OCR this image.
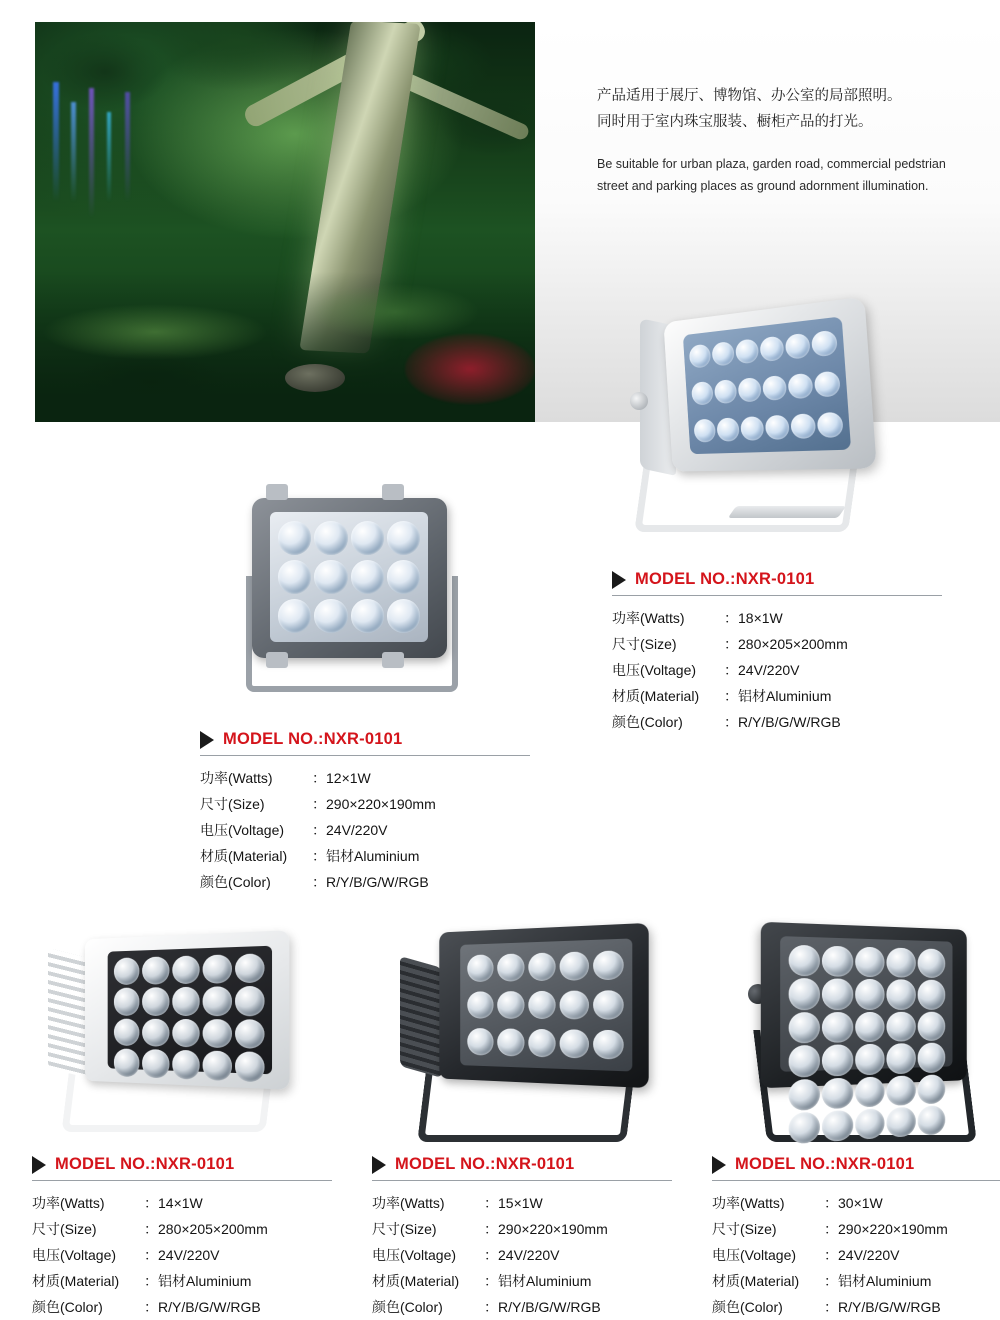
产品适用于展厅、博物馆、办公室的局部照明。
同时用于室内珠宝服装、橱柜产品的打光。
Be suitable for urban plaza, garden road, commercial pedstrian street and parking places as ground adornment illumination.
MODEL NO.:NXR-0101
功率(Watts)	：	18×1W
尺寸(Size)	：	280×205×200mm
电压(Voltage)	：	24V/220V
材质(Material)	：	铝材Aluminium
颜色(Color)	：	R/Y/B/G/W/RGB
MODEL NO.:NXR-0101
功率(Watts)	：	12×1W
尺寸(Size)	：	290×220×190mm
电压(Voltage)	：	24V/220V
材质(Material)	：	铝材Aluminium
颜色(Color)	：	R/Y/B/G/W/RGB
MODEL NO.:NXR-0101
功率(Watts)	：	14×1W
尺寸(Size)	：	280×205×200mm
电压(Voltage)	：	24V/220V
材质(Material)	：	铝材Aluminium
颜色(Color)	：	R/Y/B/G/W/RGB
MODEL NO.:NXR-0101
功率(Watts)	：	15×1W
尺寸(Size)	：	290×220×190mm
电压(Voltage)	：	24V/220V
材质(Material)	：	铝材Aluminium
颜色(Color)	：	R/Y/B/G/W/RGB
MODEL NO.:NXR-0101
功率(Watts)	：	30×1W
尺寸(Size)	：	290×220×190mm
电压(Voltage)	：	24V/220V
材质(Material)	：	铝材Aluminium
颜色(Color)	：	R/Y/B/G/W/RGB
